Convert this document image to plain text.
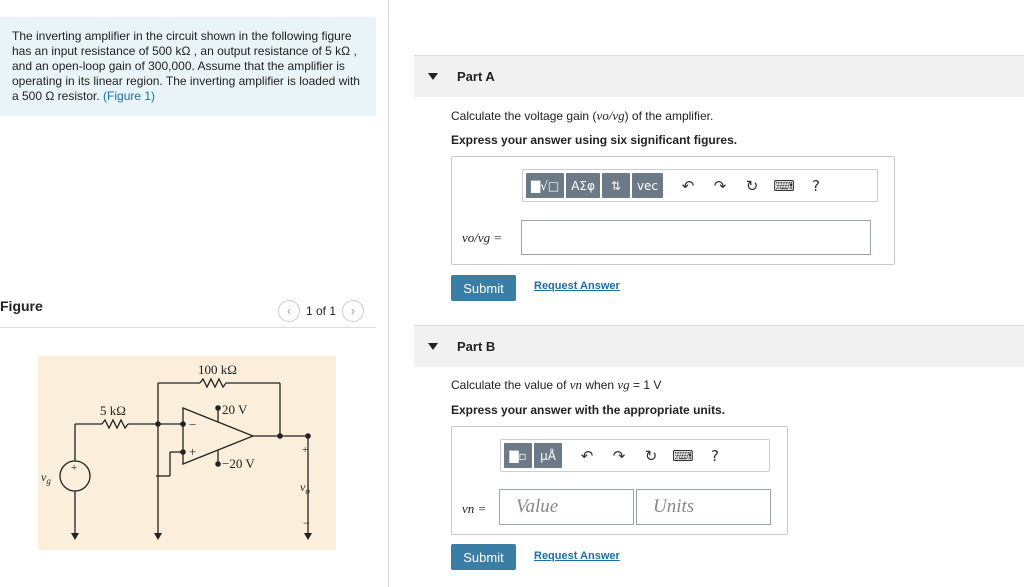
The inverting amplifier in the circuit shown in the following figure has an input resistance of 500 kΩ , an output resistance of 5 kΩ , and an open-loop gain of 300,000. Assume that the amplifier is operating in its linear region. The inverting amplifier is loaded with a 500 Ω resistor. (Figure 1)
Figure	‹	1 of 1	›
100 kΩ
5 kΩ	20 V
−20 V
−
+
+
$v_g$
+
$v_o$
−
Part A
Calculate the voltage gain (vo/vg) of the amplifier.
Express your answer using six significant figures.
▇√□	ΑΣφ	⇅	vec	↶	↷	↻ ⌨	?
vo/vg =
Submit	Request Answer
Part B
Calculate the value of vn when vg = 1 V
Express your answer with the appropriate units.
▇▫	μÅ	↶	↷	↻ ⌨	?
vn =	Value	Units
Submit	Request Answer
